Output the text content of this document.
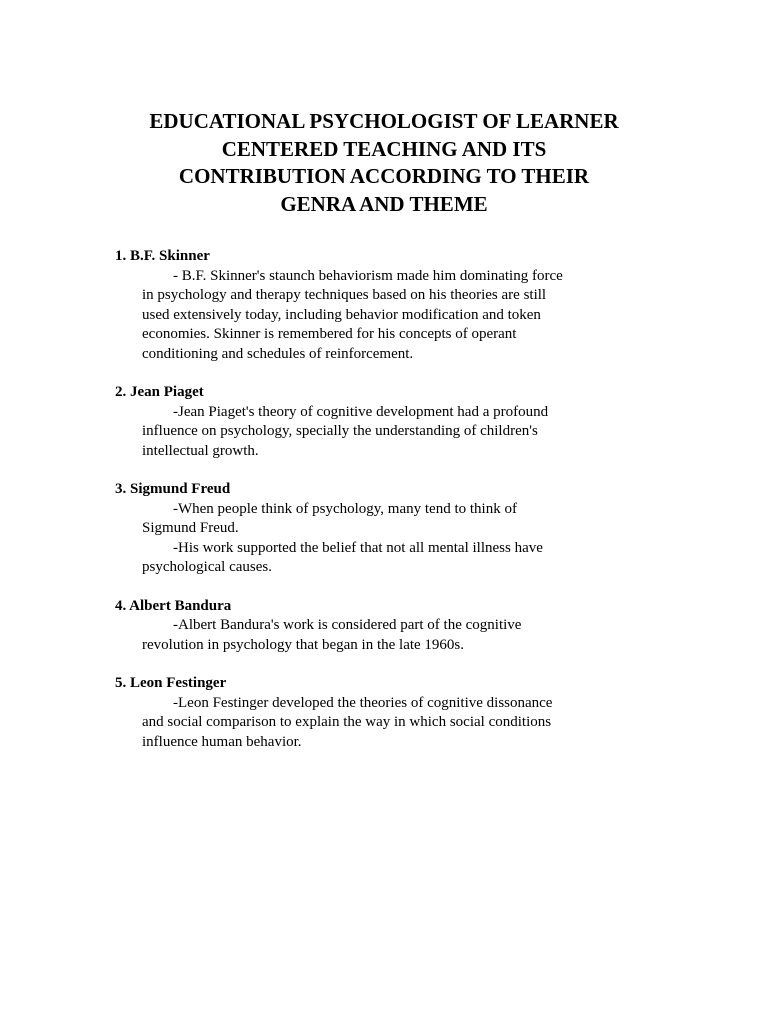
EDUCATIONAL PSYCHOLOGIST OF LEARNER
CENTERED TEACHING AND ITS
CONTRIBUTION ACCORDING TO THEIR
GENRA AND THEME
1. B.F. Skinner
- B.F. Skinner's staunch behaviorism made him dominating force
in psychology and therapy techniques based on his theories are still
used extensively today, including behavior modification and token
economies. Skinner is remembered for his concepts of operant
conditioning and schedules of reinforcement.
2. Jean Piaget
-Jean Piaget's theory of cognitive development had a profound
influence on psychology, specially the understanding of children's
intellectual growth.
3. Sigmund Freud
-When people think of psychology, many tend to think of
Sigmund Freud.
-His work supported the belief that not all mental illness have
psychological causes.
4. Albert Bandura
-Albert Bandura's work is considered part of the cognitive
revolution in psychology that began in the late 1960s.
5. Leon Festinger
-Leon Festinger developed the theories of cognitive dissonance
and social comparison to explain the way in which social conditions
influence human behavior.
